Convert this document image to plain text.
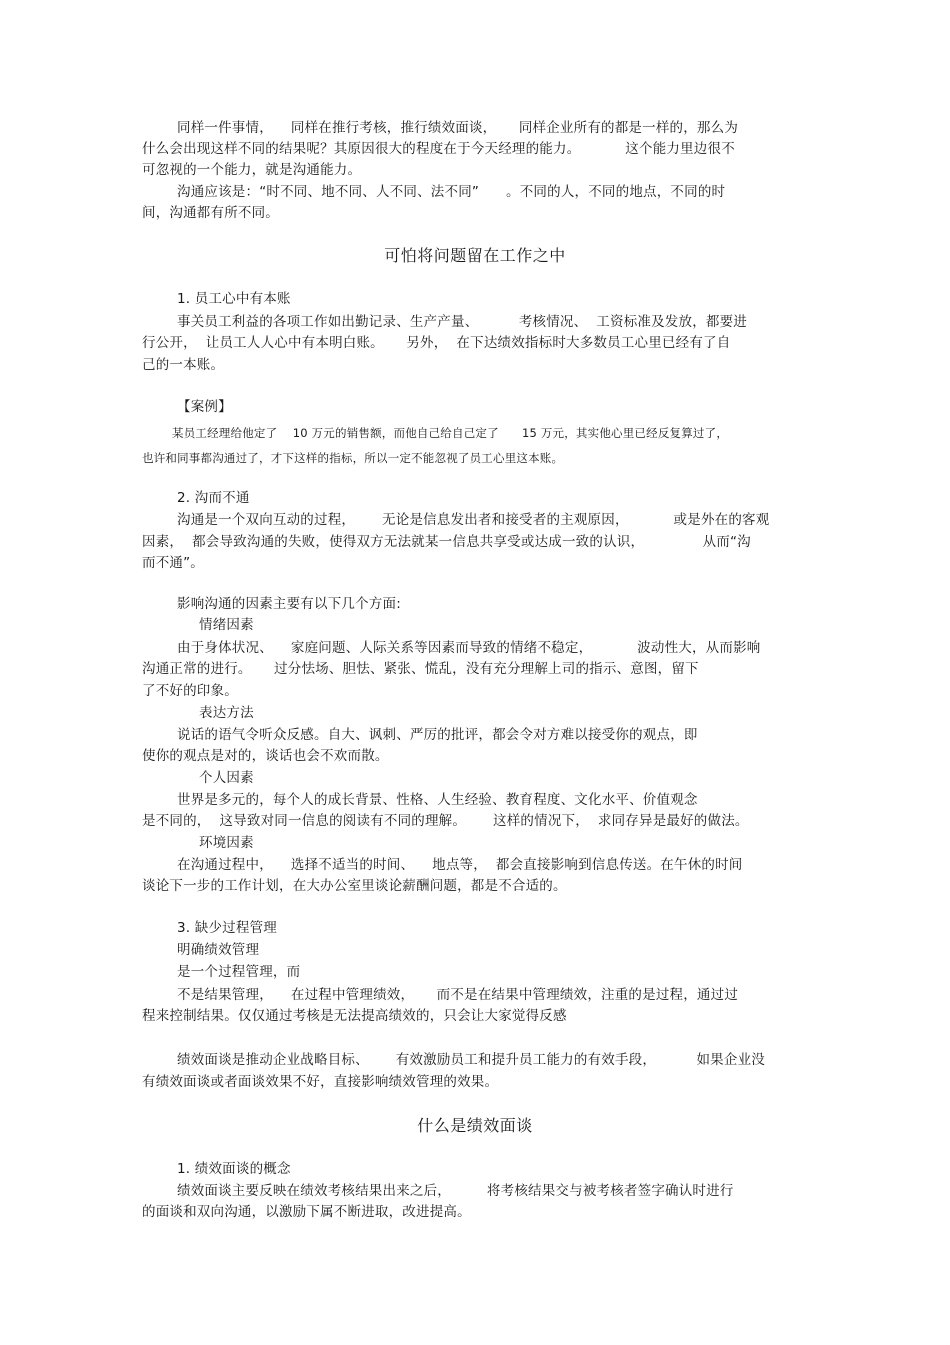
同样一件事情，    同样在推行考核，推行绩效面谈，     同样企业所有的都是一样的，那么为

什么会出现这样不同的结果呢？其原因很大的程度在于今天经理的能力。          这个能力里边很不

可忽视的一个能力，就是沟通能力。

沟通应该是：“时不同、地不同、人不同、法不同”      。不同的人，不同的地点，不同的时

间，沟通都有所不同。

可怕将问题留在工作之中

1. 员工心中有本账

事关员工利益的各项工作如出勤记录、生产产量、         考核情况、  工资标准及发放，都要进

行公开，  让员工人人心中有本明白账。     另外，  在下达绩效指标时大多数员工心里已经有了自

己的一本账。

【案例】

某员工经理给他定了    10 万元的销售额，而他自己给自己定了      15 万元，其实他心里已经反复算过了，

也许和同事都沟通过了，才下这样的指标，所以一定不能忽视了员工心里这本账。

2. 沟而不通

沟通是一个双向互动的过程，      无论是信息发出者和接受者的主观原因，          或是外在的客观

因素，  都会导致沟通的失败，使得双方无法就某一信息共享受或达成一致的认识，             从而“沟

而不通”。

影响沟通的因素主要有以下几个方面:

情绪因素

由于身体状况、    家庭问题、人际关系等因素而导致的情绪不稳定，          波动性大，从而影响

沟通正常的进行。     过分怯场、胆怯、紧张、慌乱，没有充分理解上司的指示、意图，留下

了不好的印象。

表达方法

说话的语气令听众反感。自大、讽刺、严厉的批评，都会令对方难以接受你的观点，即

使你的观点是对的，谈话也会不欢而散。

个人因素

世界是多元的，每个人的成长背景、性格、人生经验、教育程度、文化水平、价值观念

是不同的，  这导致对同一信息的阅读有不同的理解。      这样的情况下，  求同存异是最好的做法。

环境因素

在沟通过程中，    选择不适当的时间、    地点等，  都会直接影响到信息传送。在午休的时间

谈论下一步的工作计划，在大办公室里谈论薪酬问题，都是不合适的。

3. 缺少过程管理

明确绩效管理

是一个过程管理，而

不是结果管理，    在过程中管理绩效，     而不是在结果中管理绩效，注重的是过程，通过过

程来控制结果。仅仅通过考核是无法提高绩效的，只会让大家觉得反感

绩效面谈是推动企业战略目标、      有效激励员工和提升员工能力的有效手段，         如果企业没

有绩效面谈或者面谈效果不好，直接影响绩效管理的效果。

什么是绩效面谈

1. 绩效面谈的概念

绩效面谈主要反映在绩效考核结果出来之后，        将考核结果交与被考核者签字确认时进行

的面谈和双向沟通，以激励下属不断进取，改进提高。
